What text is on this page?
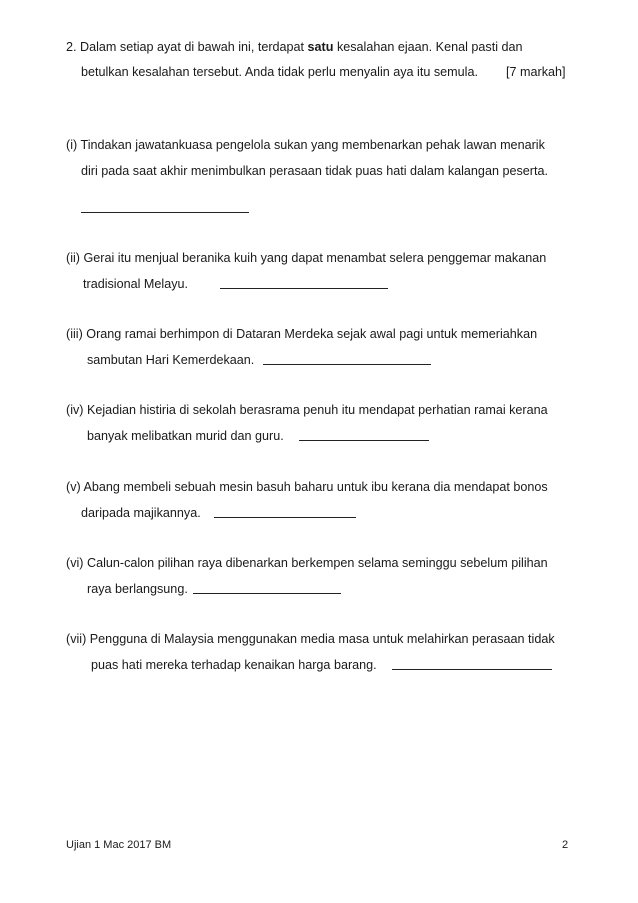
2. Dalam setiap ayat di bawah ini, terdapat satu kesalahan ejaan. Kenal pasti dan
betulkan kesalahan tersebut. Anda tidak perlu menyalin aya itu semula. [7 markah]
(i) Tindakan jawatankuasa pengelola sukan yang membenarkan pehak lawan menarik
diri pada saat akhir menimbulkan perasaan tidak puas hati dalam kalangan peserta.
(ii) Gerai itu menjual beranika kuih yang dapat menambat selera penggemar makanan
tradisional Melayu.
(iii) Orang ramai berhimpon di Dataran Merdeka sejak awal pagi untuk memeriahkan
sambutan Hari Kemerdekaan.
(iv) Kejadian histiria di sekolah berasrama penuh itu mendapat perhatian ramai kerana
banyak melibatkan murid dan guru.
(v) Abang membeli sebuah mesin basuh baharu untuk ibu kerana dia mendapat bonos
daripada majikannya.
(vi) Calun-calon pilihan raya dibenarkan berkempen selama seminggu sebelum pilihan
raya berlangsung.
(vii) Pengguna di Malaysia menggunakan media masa untuk melahirkan perasaan tidak
puas hati mereka terhadap kenaikan harga barang.
Ujian 1 Mac 2017 BM	2
